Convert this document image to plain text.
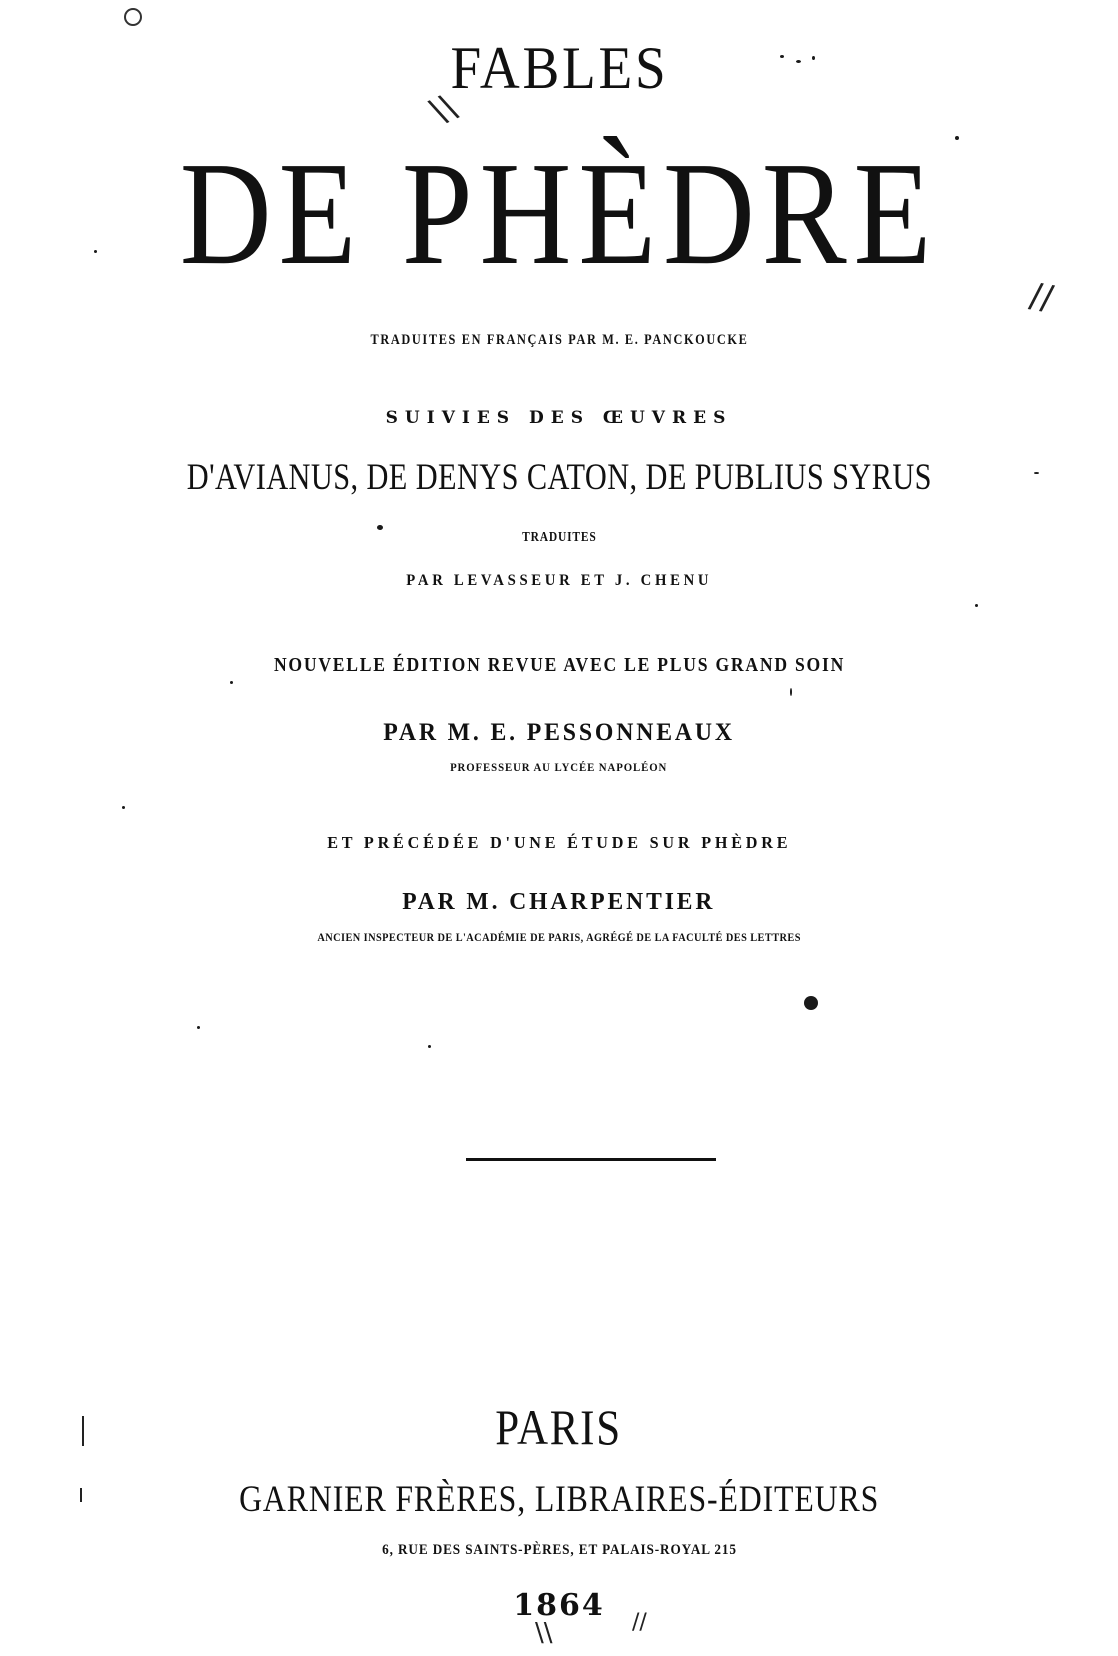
FABLES

DE PHÈDRE

TRADUITES EN FRANÇAIS PAR M. E. PANCKOUCKE

SUIVIES DES ŒUVRES

D'AVIANUS, DE DENYS CATON, DE PUBLIUS SYRUS

TRADUITES

PAR LEVASSEUR ET J. CHENU

NOUVELLE ÉDITION REVUE AVEC LE PLUS GRAND SOIN

PAR M. E. PESSONNEAUX

PROFESSEUR AU LYCÉE NAPOLÉON

ET PRÉCÉDÉE D'UNE ÉTUDE SUR PHÈDRE

PAR M. CHARPENTIER

ANCIEN INSPECTEUR DE L'ACADÉMIE DE PARIS, AGRÉGÉ DE LA FACULTÉ DES LETTRES

PARIS

GARNIER FRÈRES, LIBRAIRES-ÉDITEURS

6, RUE DES SAINTS-PÈRES, ET PALAIS-ROYAL 215

1864

\\
//
\\	//
